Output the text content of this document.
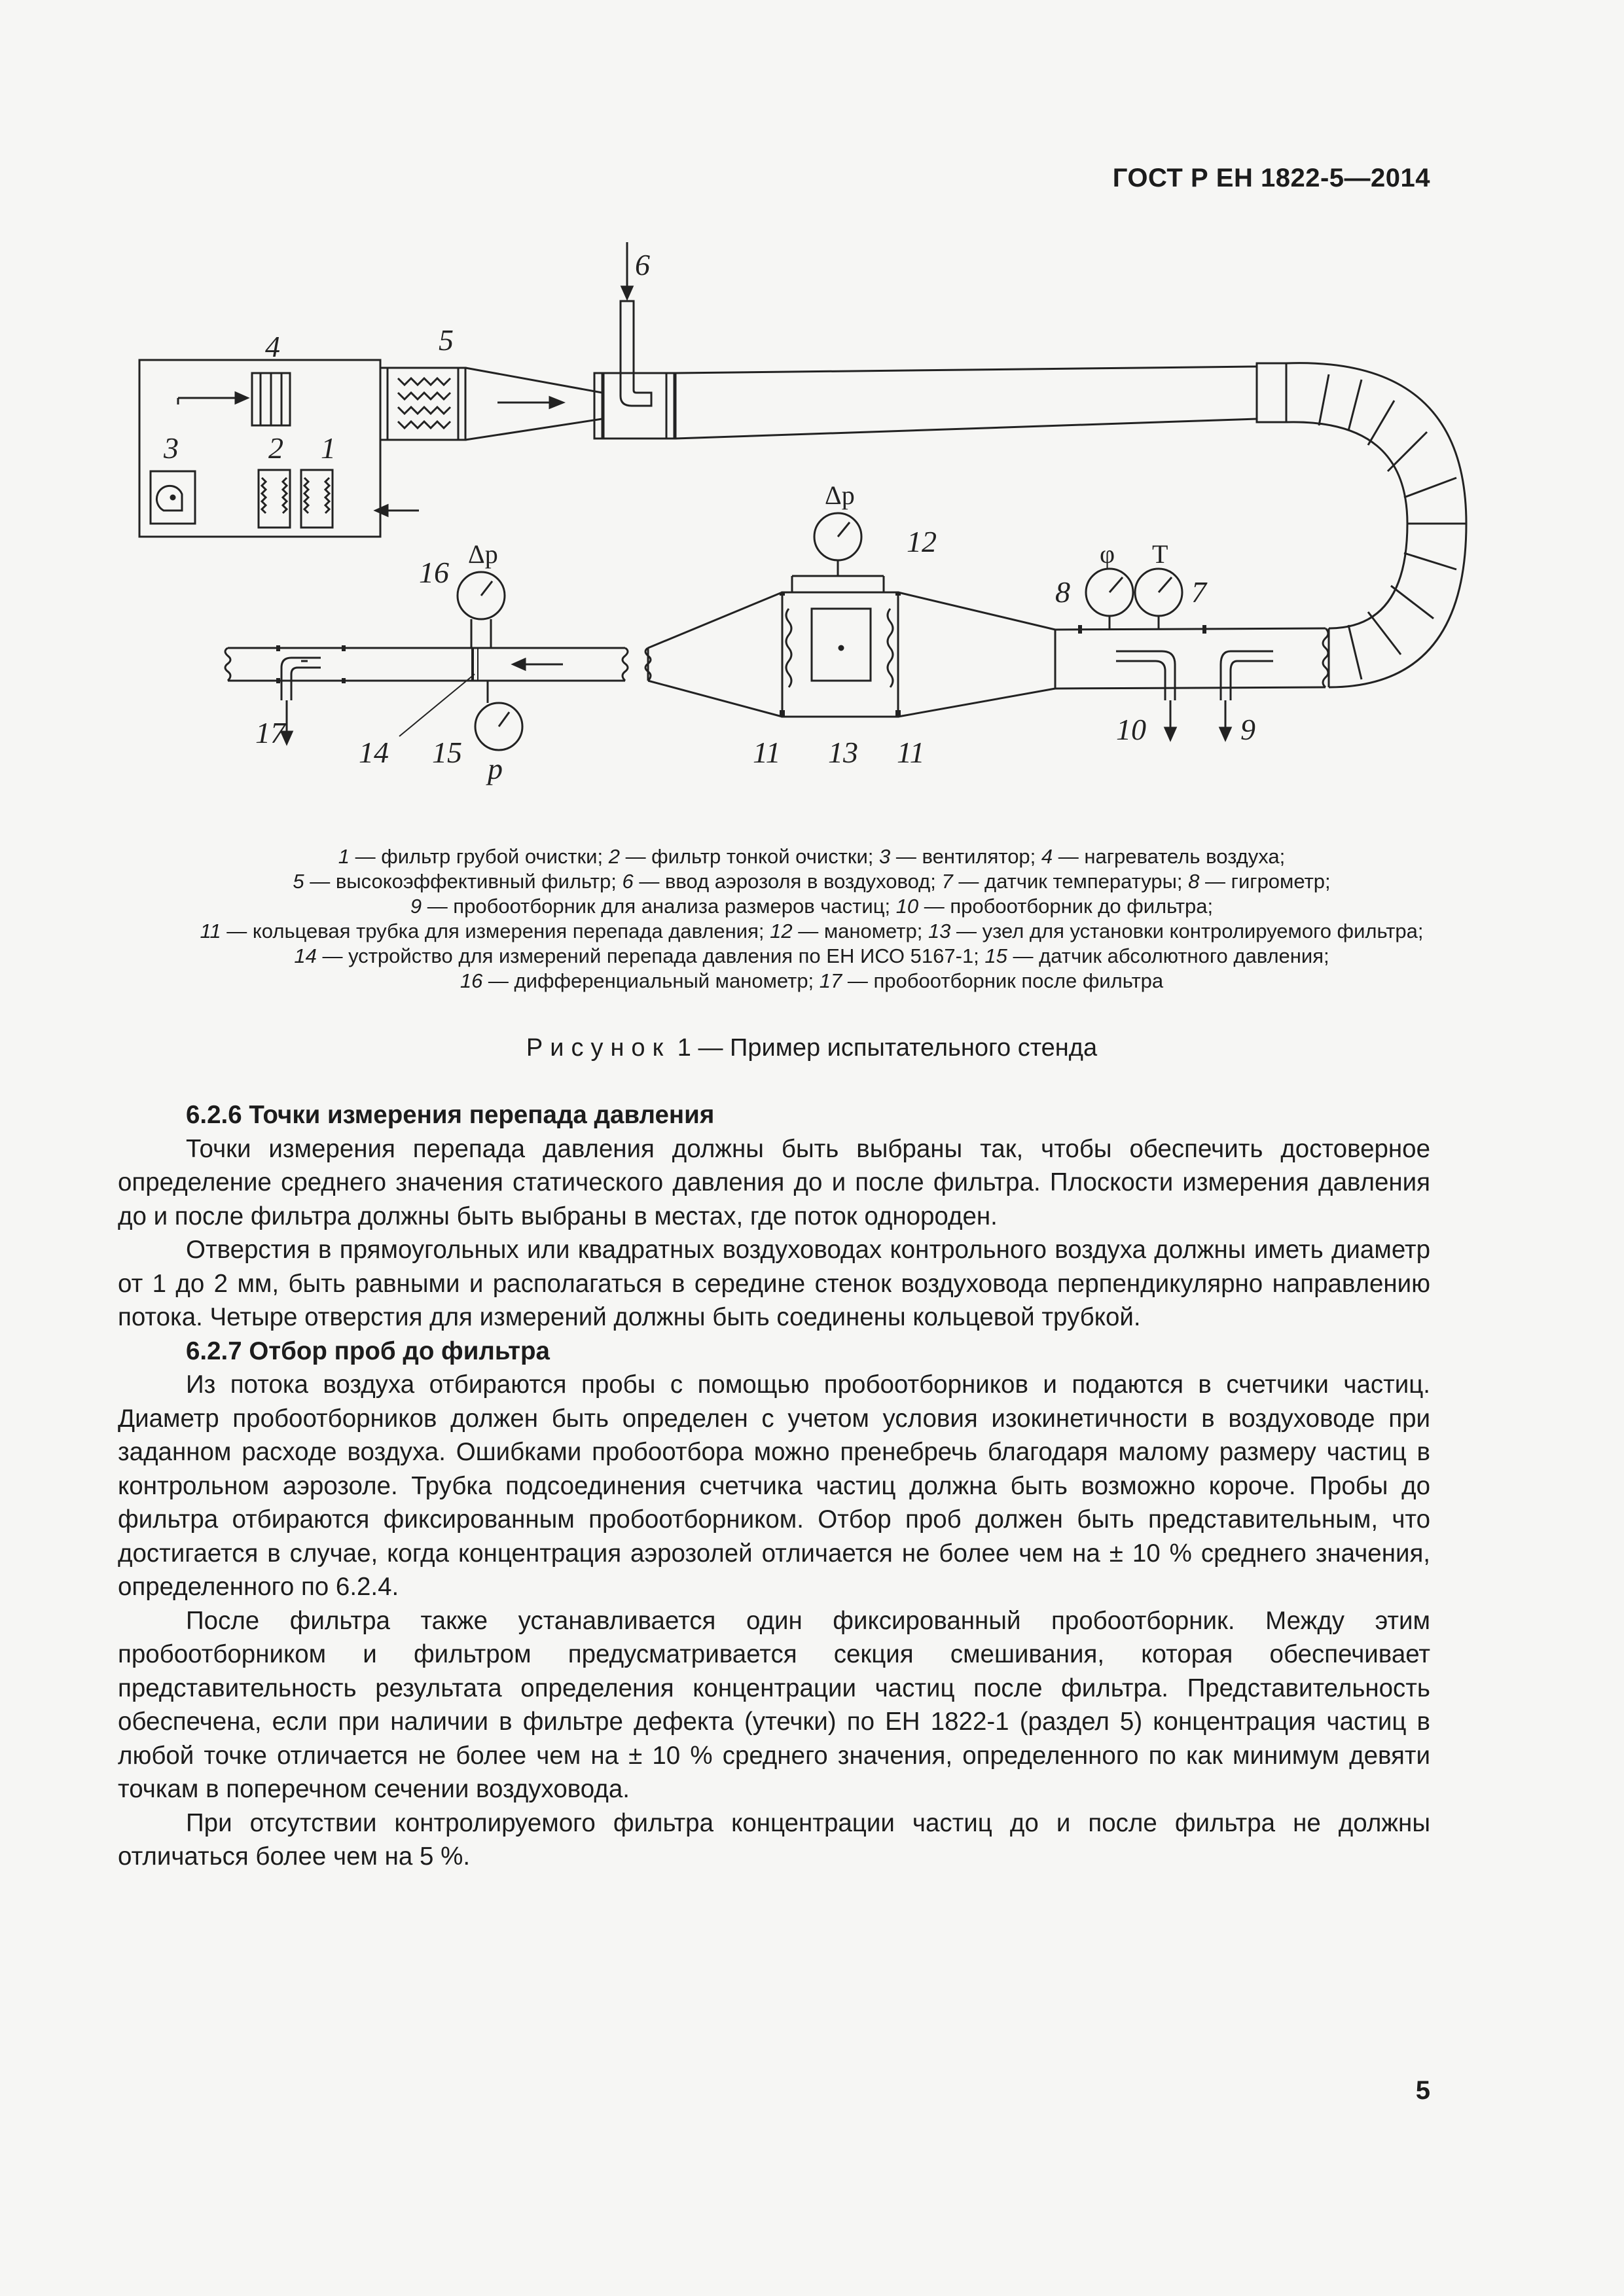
ГОСТ Р ЕН 1822-5—2014
4	5
6
3	2 1
12
Δp
16
Δp
8	7
φ T
10	9
17
14 15 p	11 13 11
1 — фильтр грубой очистки; 2 — фильтр тонкой очистки; 3 — вентилятор; 4 — нагреватель воздуха;
5 — высокоэффективный фильтр; 6 — ввод аэрозоля в воздуховод; 7 — датчик температуры; 8 — гигрометр;
9 — пробоотборник для анализа размеров частиц; 10 — пробоотборник до фильтра;
11 — кольцевая трубка для измерения перепада давления; 12 — манометр; 13 — узел для установки контролируемого фильтра;
14 — устройство для измерений перепада давления по ЕН ИСО 5167-1; 15 — датчик абсолютного давления;
16 — дифференциальный манометр; 17 — пробоотборник после фильтра
Рисунок 1 — Пример испытательного стенда
6.2.6 Точки измерения перепада давления

Точки измерения перепада давления должны быть выбраны так, чтобы обеспечить достоверное определение среднего значения статического давления до и после фильтра. Плоскости измерения давления до и после фильтра должны быть выбраны в местах, где поток однороден.

Отверстия в прямоугольных или квадратных воздуховодах контрольного воздуха должны иметь диаметр от 1 до 2 мм, быть равными и располагаться в середине стенок воздуховода перпендикулярно направлению потока. Четыре отверстия для измерений должны быть соединены кольцевой трубкой.

6.2.7 Отбор проб до фильтра

Из потока воздуха отбираются пробы с помощью пробоотборников и подаются в счетчики частиц. Диаметр пробоотборников должен быть определен с учетом условия изокинетичности в воздуховоде при заданном расходе воздуха. Ошибками пробоотбора можно пренебречь благодаря малому размеру частиц в контрольном аэрозоле. Трубка подсоединения счетчика частиц должна быть возможно короче. Пробы до фильтра отбираются фиксированным пробоотборником. Отбор проб должен быть представительным, что достигается в случае, когда концентрация аэрозолей отличается не более чем на ± 10 % среднего значения, определенного по 6.2.4.

После фильтра также устанавливается один фиксированный пробоотборник. Между этим пробоотборником и фильтром предусматривается секция смешивания, которая обеспечивает представительность результата определения концентрации частиц после фильтра. Представительность обеспечена, если при наличии в фильтре дефекта (утечки) по ЕН 1822-1 (раздел 5) концентрация частиц в любой точке отличается не более чем на ± 10 % среднего значения, определенного по как минимум девяти точкам в поперечном сечении воздуховода.

При отсутствии контролируемого фильтра концентрации частиц до и после фильтра не должны отличаться более чем на 5 %.

5
